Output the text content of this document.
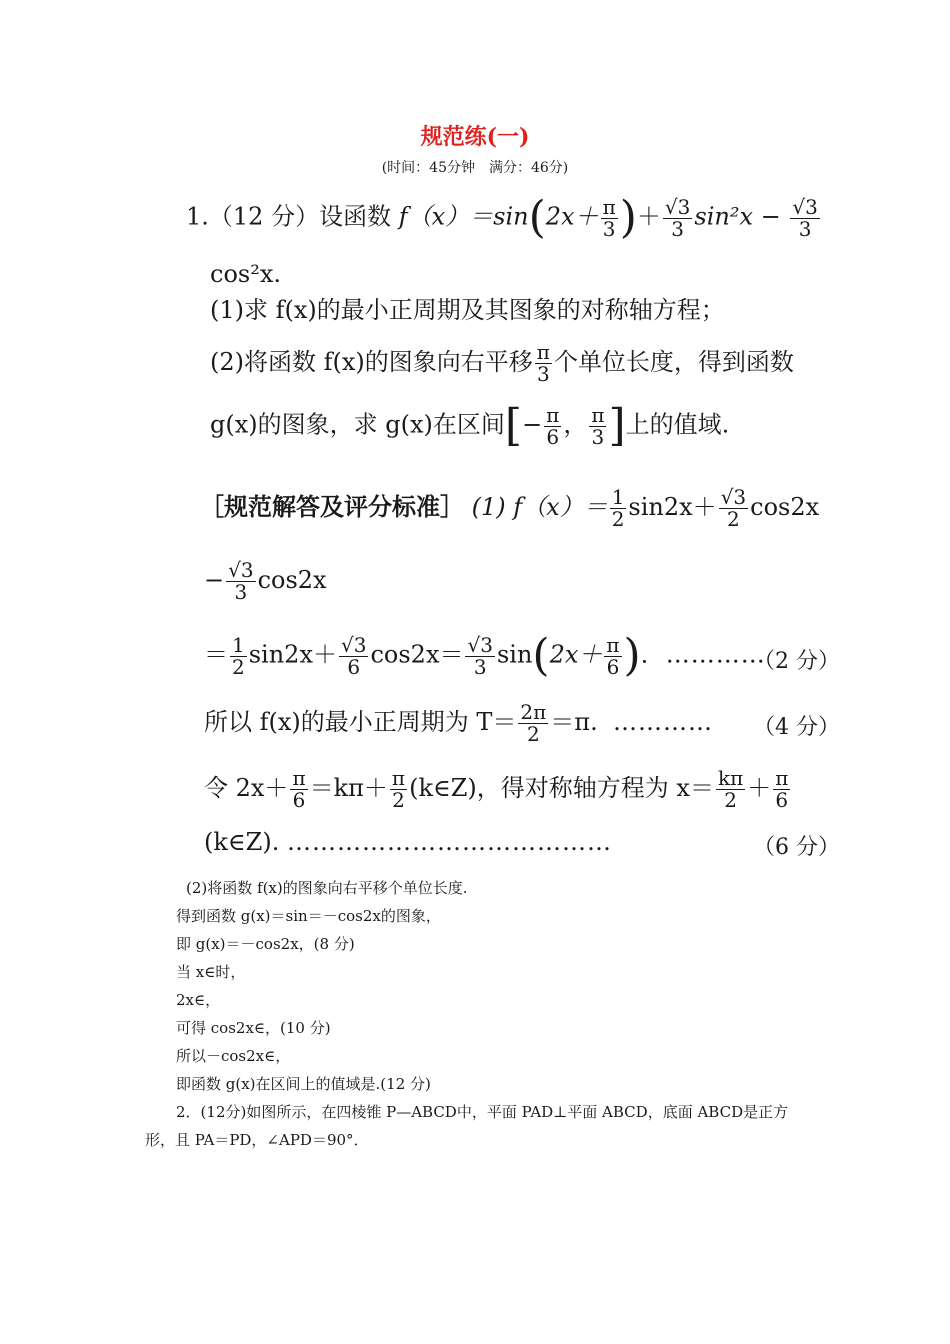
规范练(一)
(时间：45分钟　满分：46分)
1.（12 分）设函数 $f(x)=\sin(2x+ \frac{\pi}{3}$ )＋ $\frac{√3}{3} \sin^2x - \frac{√3}{3}$
cos²x.
(1)求 f(x)的最小正周期及其图象的对称轴方程；
(2)将函数 f(x)的图象向右平移 $\frac{\pi}{3}$ 个单位长度，得到函数
g(x)的图象，求 g(x)在区间[− $\frac{\pi}{6}$ ， $\frac{\pi}{3}$ ]上的值域.
［规范解答及评分标准］ (1) $f(x)= \frac{1}{2} \sin 2x+ \frac{√3}{2} \cos 2x$
− $\frac{√3}{3} \cos 2x$
＝ $\frac{1}{2} \sin 2x+ \frac{√3}{6} \cos 2x= \frac{√3}{3} \sin(2x+ \frac{\pi}{6}$ )．…………
（2 分）
所以 f(x)的最小正周期为 $T= \frac{2\pi}{2} =\pi$. ………… （4 分）
令 $2x+ \frac{\pi}{6} =k\pi+ \frac{\pi}{2}$ (k∈Z)，得对称轴方程为 $x= \frac{k\pi}{2} + \frac{\pi}{6}$
(k∈Z). …………………………………	（6 分）
(2)将函数 f(x)的图象向右平移个单位长度.
得到函数 g(x)＝sin＝－cos2x的图象，
即 g(x)＝－cos2x，(8 分)
当 x∈时，
2x∈，
可得 cos2x∈，(10 分)
所以－cos2x∈，
即函数 g(x)在区间上的值域是.(12 分)
2．(12分)如图所示，在四棱锥 P—ABCD中，平面 PAD⊥平面 ABCD，底面 ABCD是正方
形，且 PA＝PD，∠APD＝90°．
